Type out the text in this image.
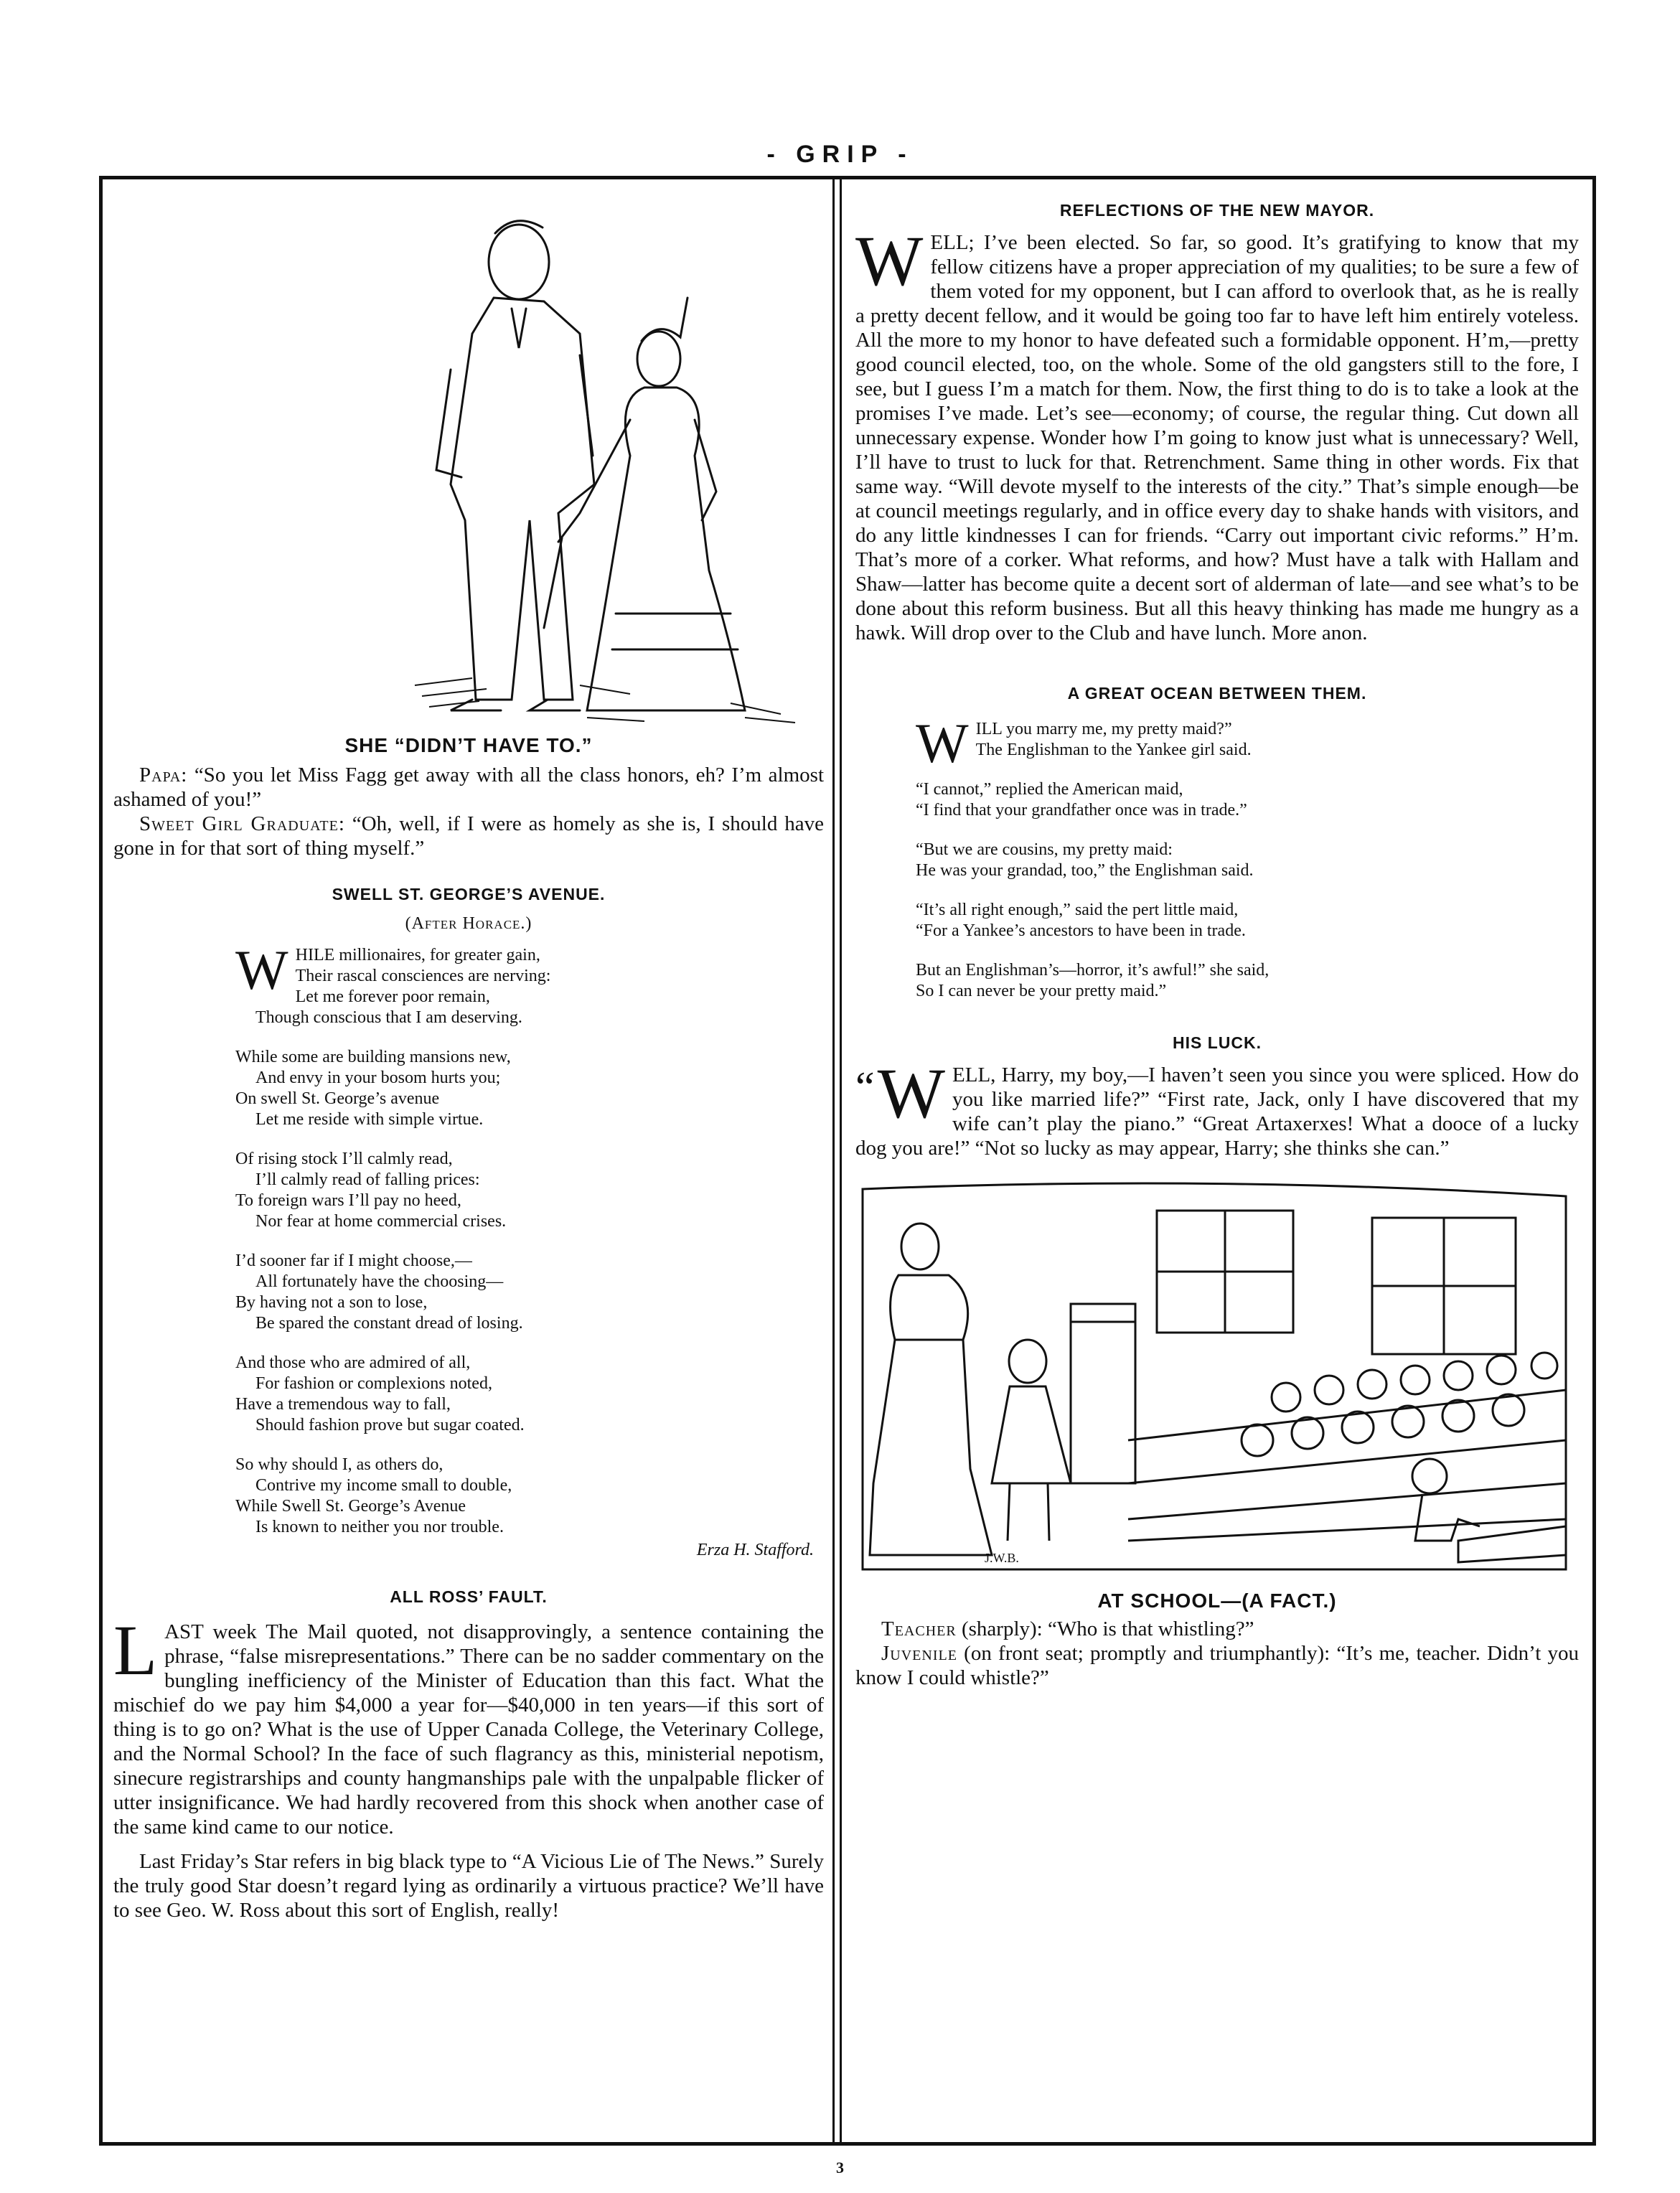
- GRIP -
SHE “DIDN’T HAVE TO.”

Papa: “So you let Miss Fagg get away with all the class honors, eh? I’m almost ashamed of you!”

Sweet Girl Graduate: “Oh, well, if I were as homely as she is, I should have gone in for that sort of thing myself.”

SWELL ST. GEORGE’S AVENUE.
(After Horace.)
W HILE millionaires, for greater gain,
Their rascal consciences are nerving:
Let me forever poor remain,
Though conscious that I am deserving.
While some are building mansions new,
And envy in your bosom hurts you;
On swell St. George’s avenue
Let me reside with simple virtue.
Of rising stock I’ll calmly read,
I’ll calmly read of falling prices:
To foreign wars I’ll pay no heed,
Nor fear at home commercial crises.
I’d sooner far if I might choose,—
All fortunately have the choosing—
By having not a son to lose,
Be spared the constant dread of losing.
And those who are admired of all,
For fashion or complexions noted,
Have a tremendous way to fall,
Should fashion prove but sugar coated.
So why should I, as others do,
Contrive my income small to double,
While Swell St. George’s Avenue
Is known to neither you nor trouble.
Erza H. Stafford.
ALL ROSS’ FAULT.

LAST week The Mail quoted, not disapprovingly, a sentence containing the phrase, “false misrepresentations.” There can be no sadder commentary on the bungling inefficiency of the Minister of Education than this fact. What the mischief do we pay him $4,000 a year for—$40,000 in ten years—if this sort of thing is to go on? What is the use of Upper Canada College, the Veterinary College, and the Normal School? In the face of such flagrancy as this, ministerial nepotism, sinecure registrarships and county hangmanships pale with the unpalpable flicker of utter insignificance. We had hardly recovered from this shock when another case of the same kind came to our notice.

Last Friday’s Star refers in big black type to “A Vicious Lie of The News.” Surely the truly good Star doesn’t regard lying as ordinarily a virtuous practice? We’ll have to see Geo. W. Ross about this sort of English, really!

REFLECTIONS OF THE NEW MAYOR.

WELL; I’ve been elected. So far, so good. It’s gratifying to know that my fellow citizens have a proper appreciation of my qualities; to be sure a few of them voted for my opponent, but I can afford to overlook that, as he is really a pretty decent fellow, and it would be going too far to have left him entirely voteless. All the more to my honor to have defeated such a formidable opponent. H’m,—pretty good council elected, too, on the whole. Some of the old gangsters still to the fore, I see, but I guess I’m a match for them. Now, the first thing to do is to take a look at the promises I’ve made. Let’s see—economy; of course, the regular thing. Cut down all unnecessary expense. Wonder how I’m going to know just what is unnecessary? Well, I’ll have to trust to luck for that. Retrenchment. Same thing in other words. Fix that same way. “Will devote myself to the interests of the city.” That’s simple enough—be at council meetings regularly, and in office every day to shake hands with visitors, and do any little kindnesses I can for friends. “Carry out important civic reforms.” H’m. That’s more of a corker. What reforms, and how? Must have a talk with Hallam and Shaw—latter has become quite a decent sort of alderman of late—and see what’s to be done about this reform business. But all this heavy thinking has made me hungry as a hawk. Will drop over to the Club and have lunch. More anon.

A GREAT OCEAN BETWEEN THEM.
W ILL you marry me, my pretty maid?”
The Englishman to the Yankee girl said.
“I cannot,” replied the American maid,
“I find that your grandfather once was in trade.”
“But we are cousins, my pretty maid:
He was your grandad, too,” the Englishman said.
“It’s all right enough,” said the pert little maid,
“For a Yankee’s ancestors to have been in trade.
But an Englishman’s—horror, it’s awful!” she said,
So I can never be your pretty maid.”
HIS LUCK.

“ W ELL, Harry, my boy,—I haven’t seen you since you were spliced. How do you like married life?” “First rate, Jack, only I have discovered that my wife can’t play the piano.” “Great Artaxerxes! What a dooce of a lucky dog you are!” “Not so lucky as may appear, Harry; she thinks she can.”

J.W.B.
AT SCHOOL—(A FACT.)

Teacher (sharply): “Who is that whistling?”

Juvenile (on front seat; promptly and triumphantly): “It’s me, teacher. Didn’t you know I could whistle?”

3
